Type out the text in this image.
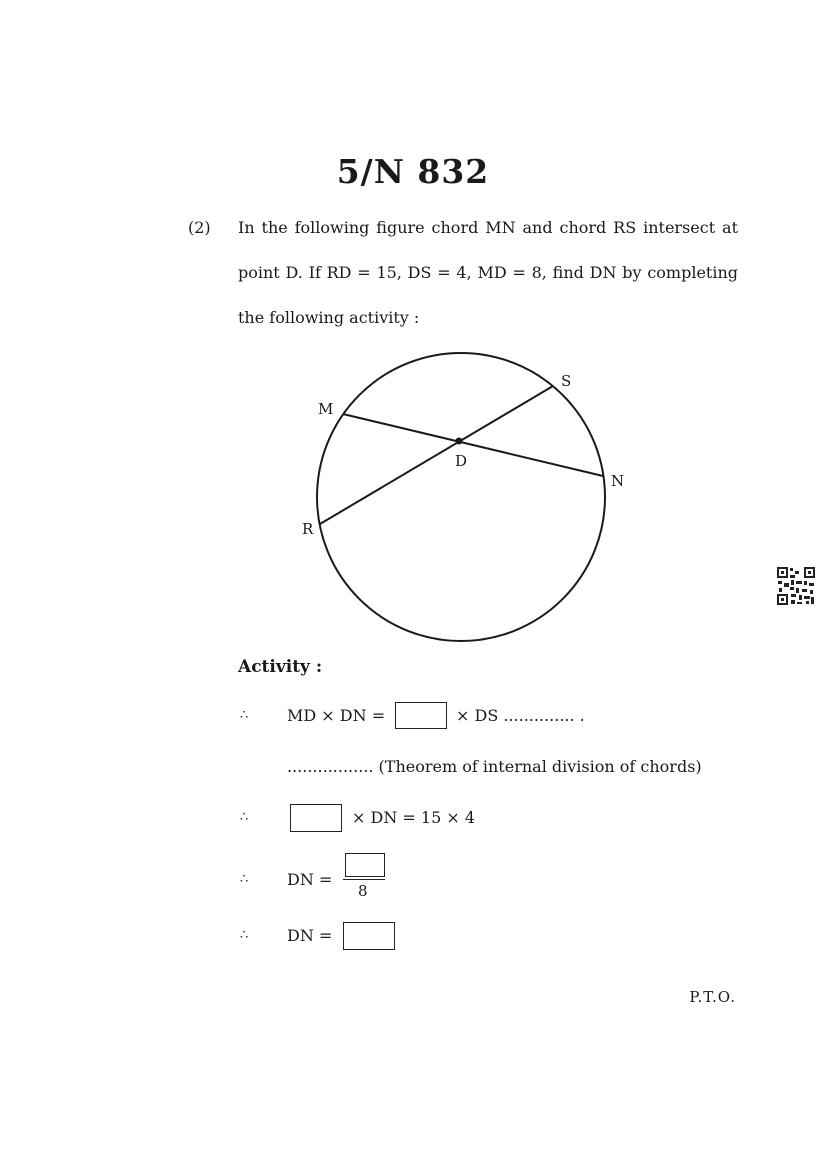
5/N 832
(2) In the following figure chord MN and chord RS intersect at
point D. If RD = 15, DS = 4, MD = 8, find DN by completing
the following activity :
M
S
D
N
R
Activity :
∴ MD × DN =	× DS .............. .
................. (Theorem of internal division of chords)
∴	× DN = 15 × 4
∴ DN =
8
∴ DN =
P.T.O.
